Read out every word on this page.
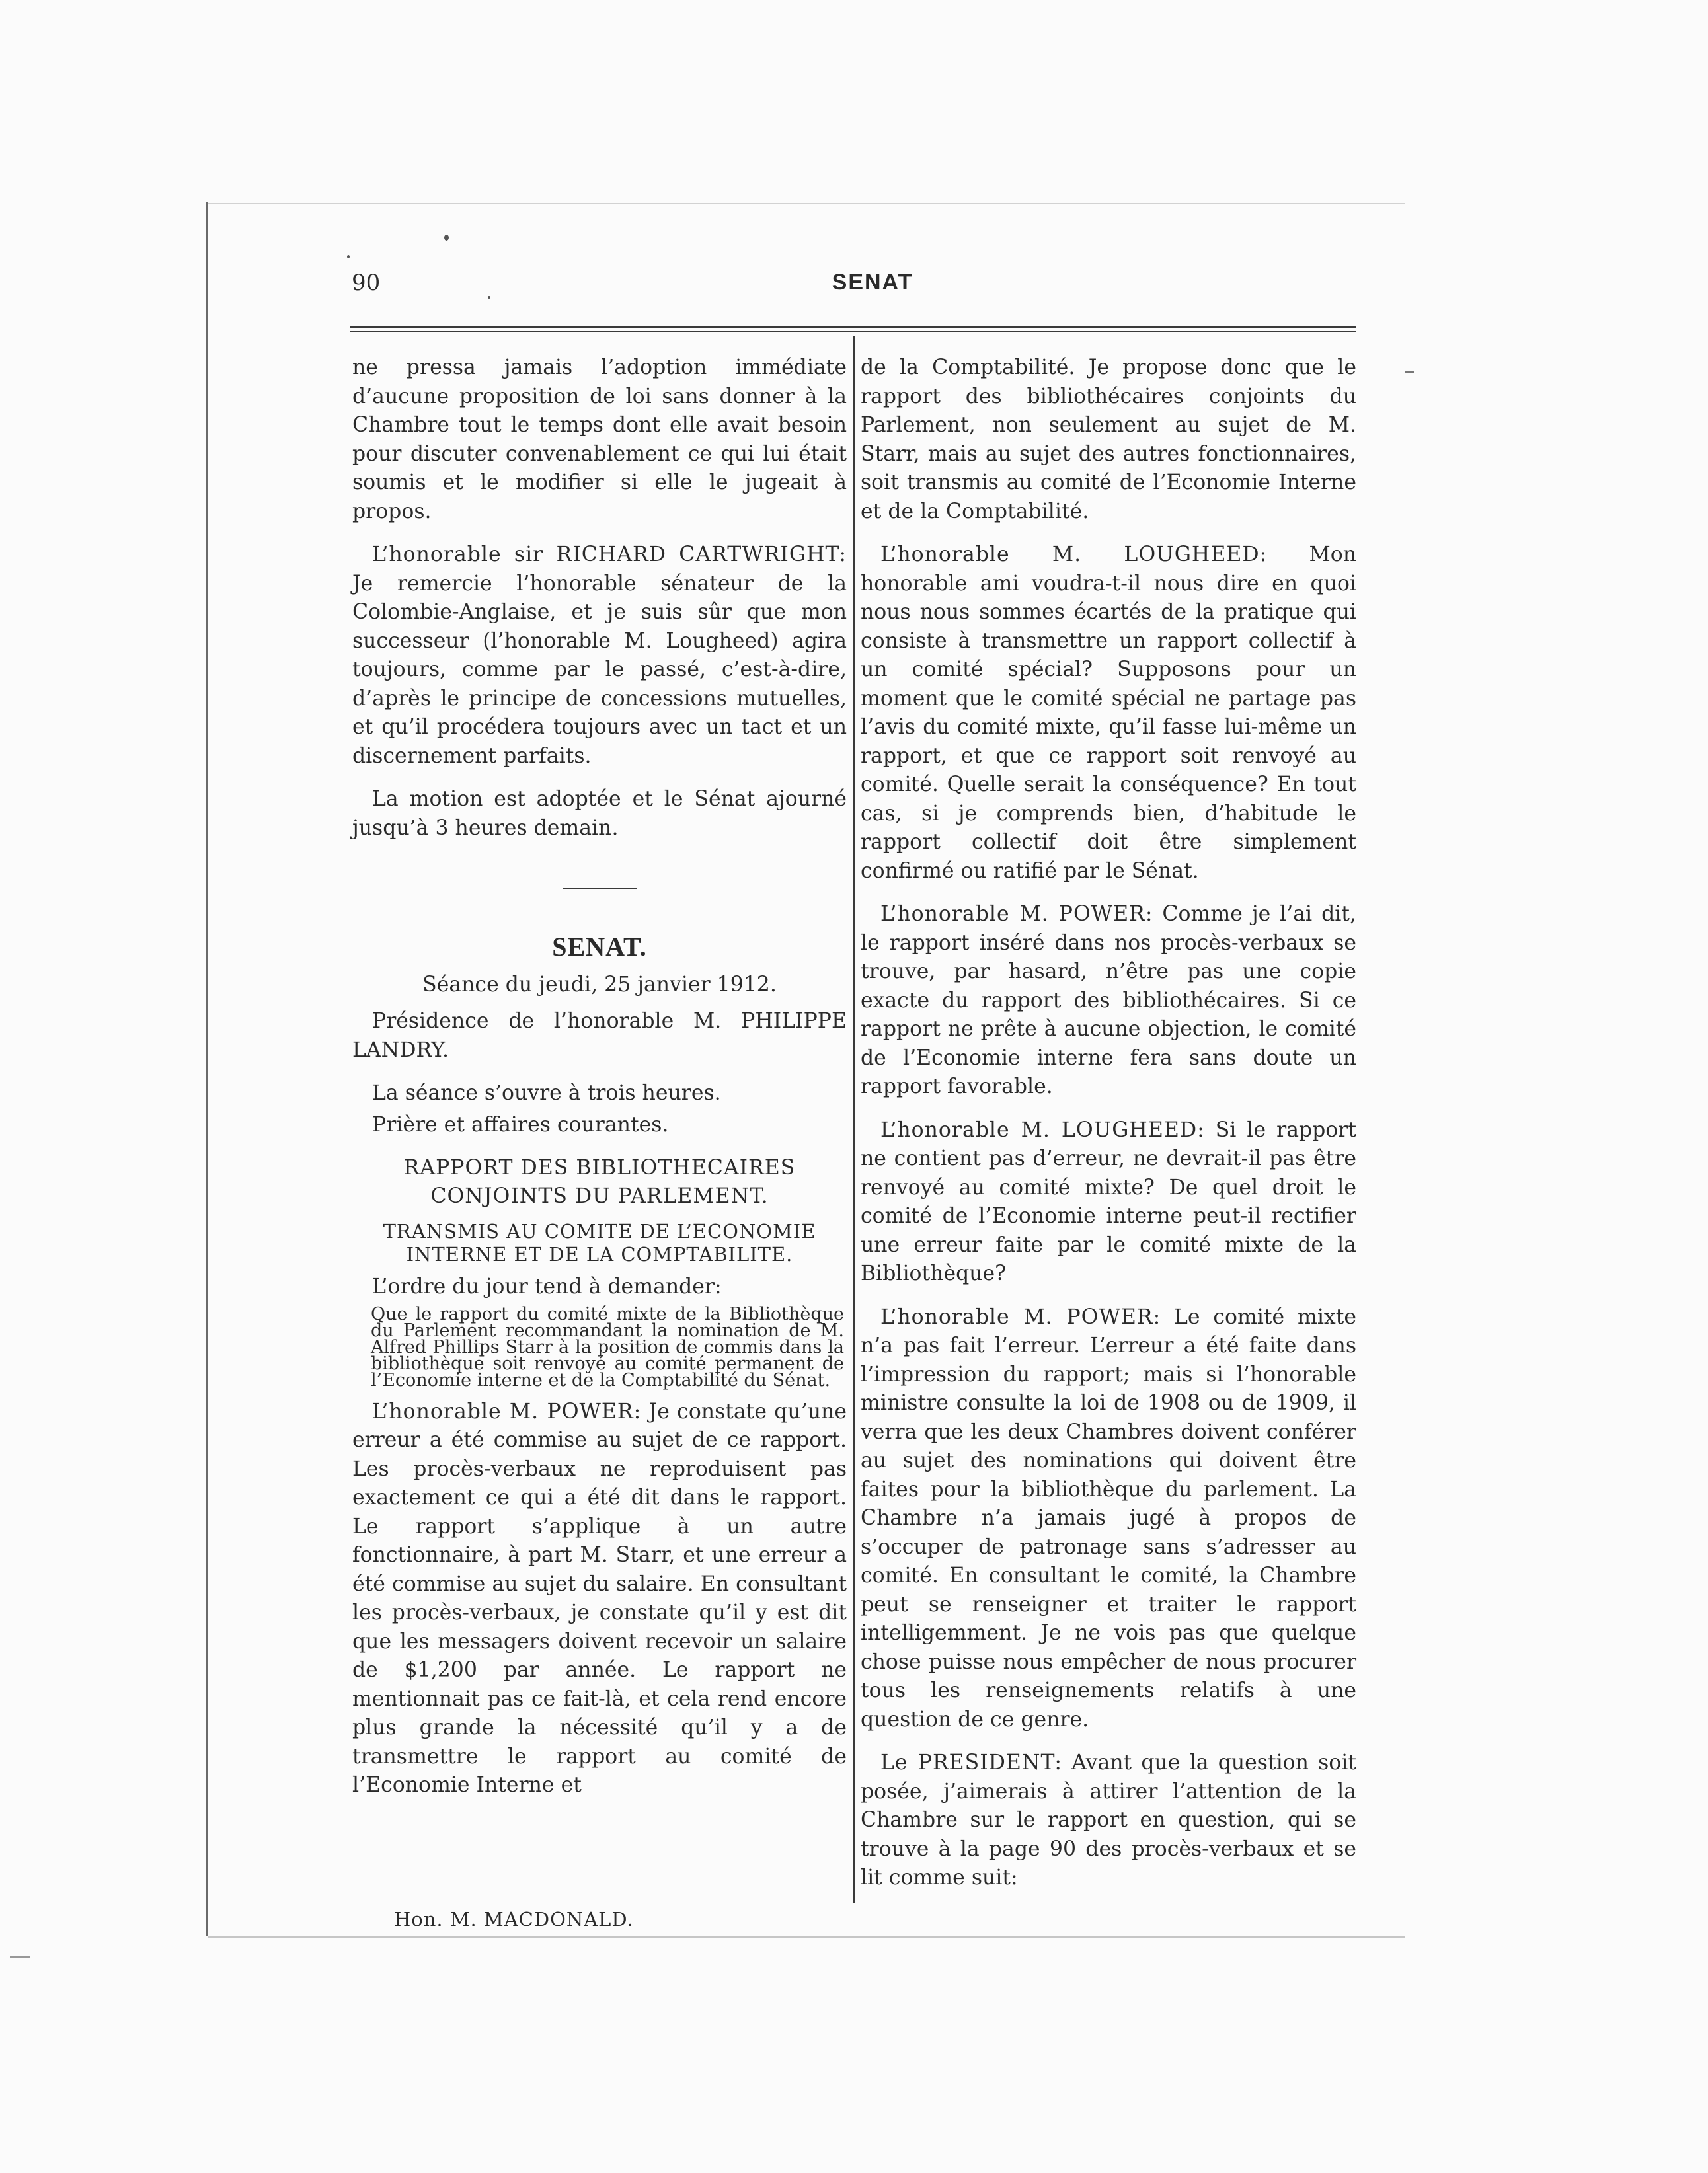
90	SENAT

ne pressa jamais l’adoption immédiate d’aucune proposition de loi sans donner à la Chambre tout le temps dont elle avait besoin pour discuter convenablement ce qui lui était soumis et le modifier si elle le jugeait à propos.

L’honorable sir RICHARD CARTWRIGHT: Je remercie l’honorable sénateur de la Colombie-Anglaise, et je suis sûr que mon successeur (l’honorable M. Lougheed) agira toujours, comme par le passé, c’est-à-dire, d’après le principe de concessions mutuelles, et qu’il procédera toujours avec un tact et un discernement parfaits.

La motion est adoptée et le Sénat ajourné jusqu’à 3 heures demain.

SENAT.
Séance du jeudi, 25 janvier 1912.

Présidence de l’honorable M. PHILIPPE LANDRY.

La séance s’ouvre à trois heures.

Prière et affaires courantes.

RAPPORT DES BIBLIOTHECAIRES CONJOINTS DU PARLEMENT.
TRANSMIS AU COMITE DE L’ECONOMIE INTERNE ET DE LA COMPTABILITE.

L’ordre du jour tend à demander:

Que le rapport du comité mixte de la Bibliothèque du Parlement recommandant la nomination de M. Alfred Phillips Starr à la position de commis dans la bibliothèque soit renvoyé au comité permanent de l’Economie interne et de la Comptabilité du Sénat.

L’honorable M. POWER: Je constate qu’une erreur a été commise au sujet de ce rapport. Les procès-verbaux ne reproduisent pas exactement ce qui a été dit dans le rapport. Le rapport s’applique à un autre fonctionnaire, à part M. Starr, et une erreur a été commise au sujet du salaire. En consultant les procès-verbaux, je constate qu’il y est dit que les messagers doivent recevoir un salaire de $1,200 par année. Le rapport ne mentionnait pas ce fait-là, et cela rend encore plus grande la nécessité qu’il y a de transmettre le rapport au comité de l’Economie Interne et

de la Comptabilité. Je propose donc que le rapport des bibliothécaires conjoints du Parlement, non seulement au sujet de M. Starr, mais au sujet des autres fonctionnaires, soit transmis au comité de l’Economie Interne et de la Comptabilité.

L’honorable M. LOUGHEED: Mon honorable ami voudra-t-il nous dire en quoi nous nous sommes écartés de la pratique qui consiste à transmettre un rapport collectif à un comité spécial? Supposons pour un moment que le comité spécial ne partage pas l’avis du comité mixte, qu’il fasse lui-même un rapport, et que ce rapport soit renvoyé au comité. Quelle serait la conséquence? En tout cas, si je comprends bien, d’habitude le rapport collectif doit être simplement confirmé ou ratifié par le Sénat.

L’honorable M. POWER: Comme je l’ai dit, le rapport inséré dans nos procès-verbaux se trouve, par hasard, n’être pas une copie exacte du rapport des bibliothécaires. Si ce rapport ne prête à aucune objection, le comité de l’Economie interne fera sans doute un rapport favorable.

L’honorable M. LOUGHEED: Si le rapport ne contient pas d’erreur, ne devrait-il pas être renvoyé au comité mixte? De quel droit le comité de l’Economie interne peut-il rectifier une erreur faite par le comité mixte de la Bibliothèque?

L’honorable M. POWER: Le comité mixte n’a pas fait l’erreur. L’erreur a été faite dans l’impression du rapport; mais si l’honorable ministre consulte la loi de 1908 ou de 1909, il verra que les deux Chambres doivent conférer au sujet des nominations qui doivent être faites pour la bibliothèque du parlement. La Chambre n’a jamais jugé à propos de s’occuper de patronage sans s’adresser au comité. En consultant le comité, la Chambre peut se renseigner et traiter le rapport intelligemment. Je ne vois pas que quelque chose puisse nous empêcher de nous procurer tous les renseignements relatifs à une question de ce genre.

Le PRESIDENT: Avant que la question soit posée, j’aimerais à attirer l’attention de la Chambre sur le rapport en question, qui se trouve à la page 90 des procès-verbaux et se lit comme suit:

Hon. M. MACDONALD.
